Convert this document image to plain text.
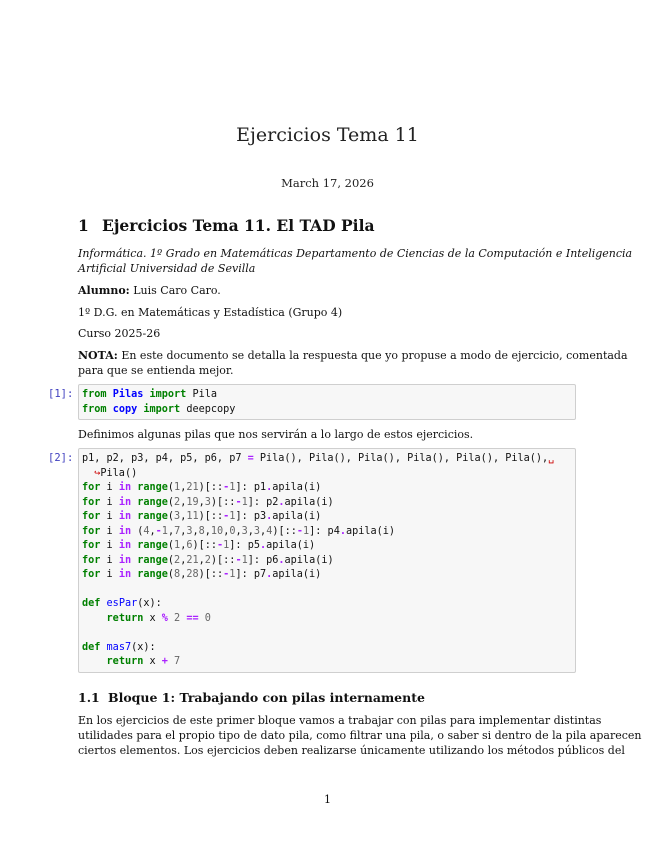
Ejercicios Tema 11
March 17, 2026
1 Ejercicios Tema 11. El TAD Pila
Informática. 1º Grado en Matemáticas Departamento de Ciencias de la Computación e Inteligencia
Artificial Universidad de Sevilla
Alumno: Luis Caro Caro.
1º D.G. en Matemáticas y Estadística (Grupo 4)
Curso 2025-26
NOTA: En este documento se detalla la respuesta que yo propuse a modo de ejercicio, comentada
para que se entienda mejor.
[1]: from Pilas import Pila
from copy import deepcopy
Definimos algunas pilas que nos servirán a lo largo de estos ejercicios.
[2]: p1, p2, p3, p4, p5, p6, p7 = Pila(), Pila(), Pila(), Pila(), Pila(), Pila(),␣
↪Pila()
for i in range(1,21)[::-1]: p1.apila(i)
for i in range(2,19,3)[::-1]: p2.apila(i)
for i in range(3,11)[::-1]: p3.apila(i)
for i in (4,-1,7,3,8,10,0,3,3,4)[::-1]: p4.apila(i)
for i in range(1,6)[::-1]: p5.apila(i)
for i in range(2,21,2)[::-1]: p6.apila(i)
for i in range(8,28)[::-1]: p7.apila(i)

def esPar(x):
return x % 2 == 0

def mas7(x):
return x + 7
1.1 Bloque 1: Trabajando con pilas internamente
En los ejercicios de este primer bloque vamos a trabajar con pilas para implementar distintas
utilidades para el propio tipo de dato pila, como filtrar una pila, o saber si dentro de la pila aparecen
ciertos elementos. Los ejercicios deben realizarse únicamente utilizando los métodos públicos del
1
